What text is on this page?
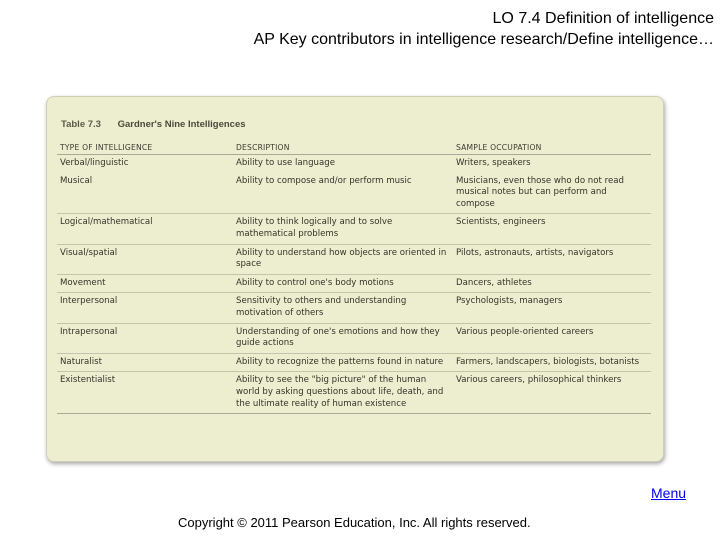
LO 7.4 Definition of intelligence
AP Key contributors in intelligence research/Define intelligence…
Table 7.3 Gardner's Nine Intelligences
TYPE OF INTELLIGENCE	DESCRIPTION	SAMPLE OCCUPATION
Verbal/linguistic	Ability to use language	Writers, speakers
Musical	Ability to compose and/or perform music	Musicians, even those who do not read musical notes but can perform and compose
Logical/mathematical	Ability to think logically and to solve mathematical problems	Scientists, engineers
Visual/spatial	Ability to understand how objects are oriented in space	Pilots, astronauts, artists, navigators
Movement	Ability to control one's body motions	Dancers, athletes
Interpersonal	Sensitivity to others and understanding motivation of others	Psychologists, managers
Intrapersonal	Understanding of one's emotions and how they guide actions	Various people-oriented careers
Naturalist	Ability to recognize the patterns found in nature	Farmers, landscapers, biologists, botanists
Existentialist	Ability to see the "big picture" of the human world by asking questions about life, death, and the ultimate reality of human existence	Various careers, philosophical thinkers
Menu
Copyright © 2011 Pearson Education, Inc. All rights reserved.
